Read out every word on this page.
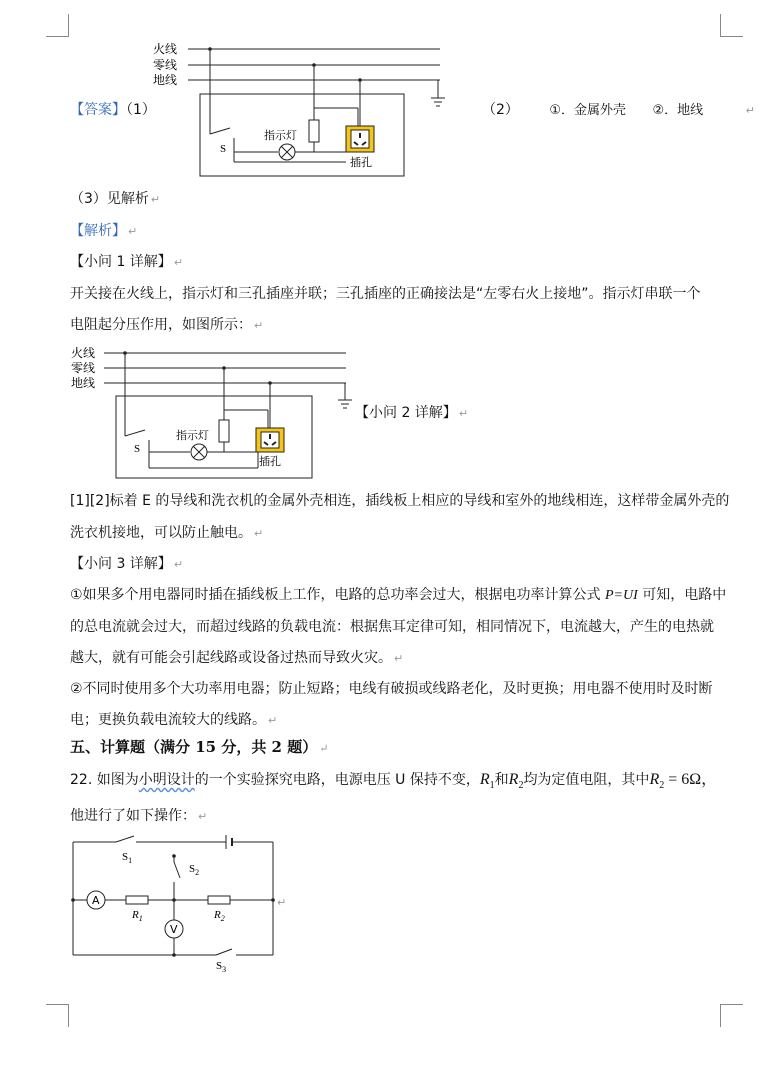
【答案】（1）
火线
零线
地线
指示灯
插孔
S
（2） ①．金属外壳 ②．地线	↵
（3）见解析 ↵
【解析】 ↵
【小问 1 详解】 ↵
开关接在火线上，指示灯和三孔插座并联；三孔插座的正确接法是“左零右火上接地”。指示灯串联一个
电阻起分压作用，如图所示： ↵
火线
零线
地线
指示灯
插孔
S
【小问 2 详解】 ↵
[1][2]标着 E 的导线和洗衣机的金属外壳相连，插线板上相应的导线和室外的地线相连，这样带金属外壳的
洗衣机接地，可以防止触电。 ↵
【小问 3 详解】 ↵
①如果多个用电器同时插在插线板上工作，电路的总功率会过大，根据电功率计算公式 P=UI 可知，电路中
的总电流就会过大，而超过线路的负载电流：根据焦耳定律可知，相同情况下，电流越大，产生的电热就
越大，就有可能会引起线路或设备过热而导致火灾。 ↵
②不同时使用多个大功率用电器；防止短路；电线有破损或线路老化，及时更换；用电器不使用时及时断
电；更换负载电流较大的线路。 ↵
五、计算题（满分 15 分，共 2 题） ↵
22. 如图为小明设计的一个实验探究电路，电源电压 U 保持不变，$R_1$和$R_2$均为定值电阻，其中$R_2 = 6\Omega$，
他进行了如下操作： ↵
A
V
$S_1$
$S_2$
$S_3$
$R_1$	$R_2$
↵
